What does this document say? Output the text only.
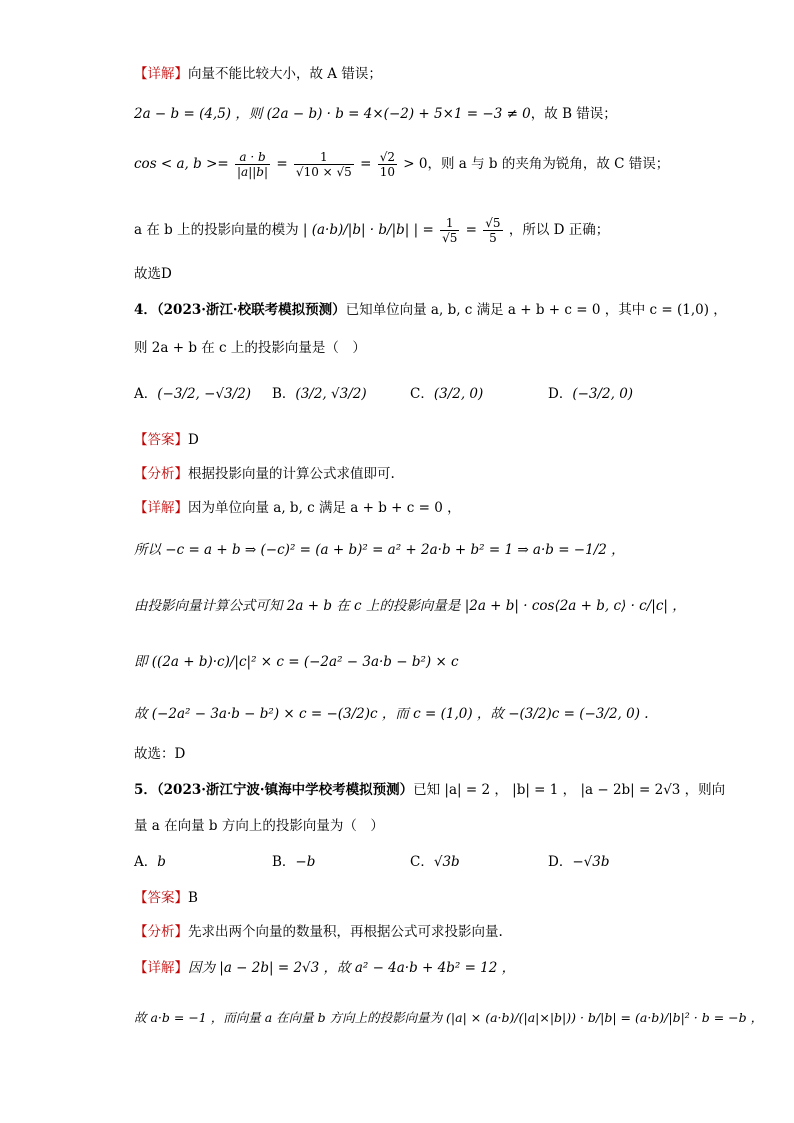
【详解】向量不能比较大小，故 A 错误；
2a − b = (4,5) ，则 (2a − b) · b = 4×(−2) + 5×1 = −3 ≠ 0，故 B 错误；
cos < a, $b >= \frac{a \cdot b}{|a||b|} = \frac{1}{√10 \times √5} = \frac{√2}{10} > 0$，则 a 与 b 的夹角为锐角，故 C 错误；
a 在 b 上的投影向量的模为 | (a·b)/|b| · b/|b| | = $\frac{1}{√5} = \frac{√5}{5}$ ，所以 D 正确；
故选D
4．（2023·浙江·校联考模拟预测）已知单位向量 a, b, c 满足 a + b + c = 0 ，其中 c = (1,0) ，
则 2a + b 在 c 上的投影向量是（　）
A．(−3/2, −√3/2) B．(3/2, √3/2)	C．(3/2, 0)	D．(−3/2, 0)
【答案】D
【分析】根据投影向量的计算公式求值即可.
【详解】因为单位向量 a, b, c 满足 a + b + c = 0 ，
所以 −c = a + b ⇒ (−c)² = (a + b)² = a² + 2a·b + b² = 1 ⇒ a·b = −1/2 ，
由投影向量计算公式可知 2a + b 在 c 上的投影向量是 |2a + b| · cos⟨2a + b, c⟩ · c/|c| ，
即 ((2a + b)·c)/|c|² × c = (−2a² − 3a·b − b²) × c
故 (−2a² − 3a·b − b²) × c = −(3/2)c ，而 c = (1,0) ，故 −(3/2)c = (−3/2, 0) .
故选：D
5．（2023·浙江宁波·镇海中学校考模拟预测）已知 |a| = 2 ， |b| = 1 ， |a − 2b| = 2√3 ，则向
量 a 在向量 b 方向上的投影向量为（　）
A．b	B．−b	C．√3b	D．−√3b
【答案】B
【分析】先求出两个向量的数量积，再根据公式可求投影向量.
【详解】因为 |a − 2b| = 2√3 ，故 a² − 4a·b + 4b² = 12 ，
故 a·b = −1 ，而向量 a 在向量 b 方向上的投影向量为 (|a| × (a·b)/(|a|×|b|)) · b/|b| = (a·b)/|b|² · b = −b ，
